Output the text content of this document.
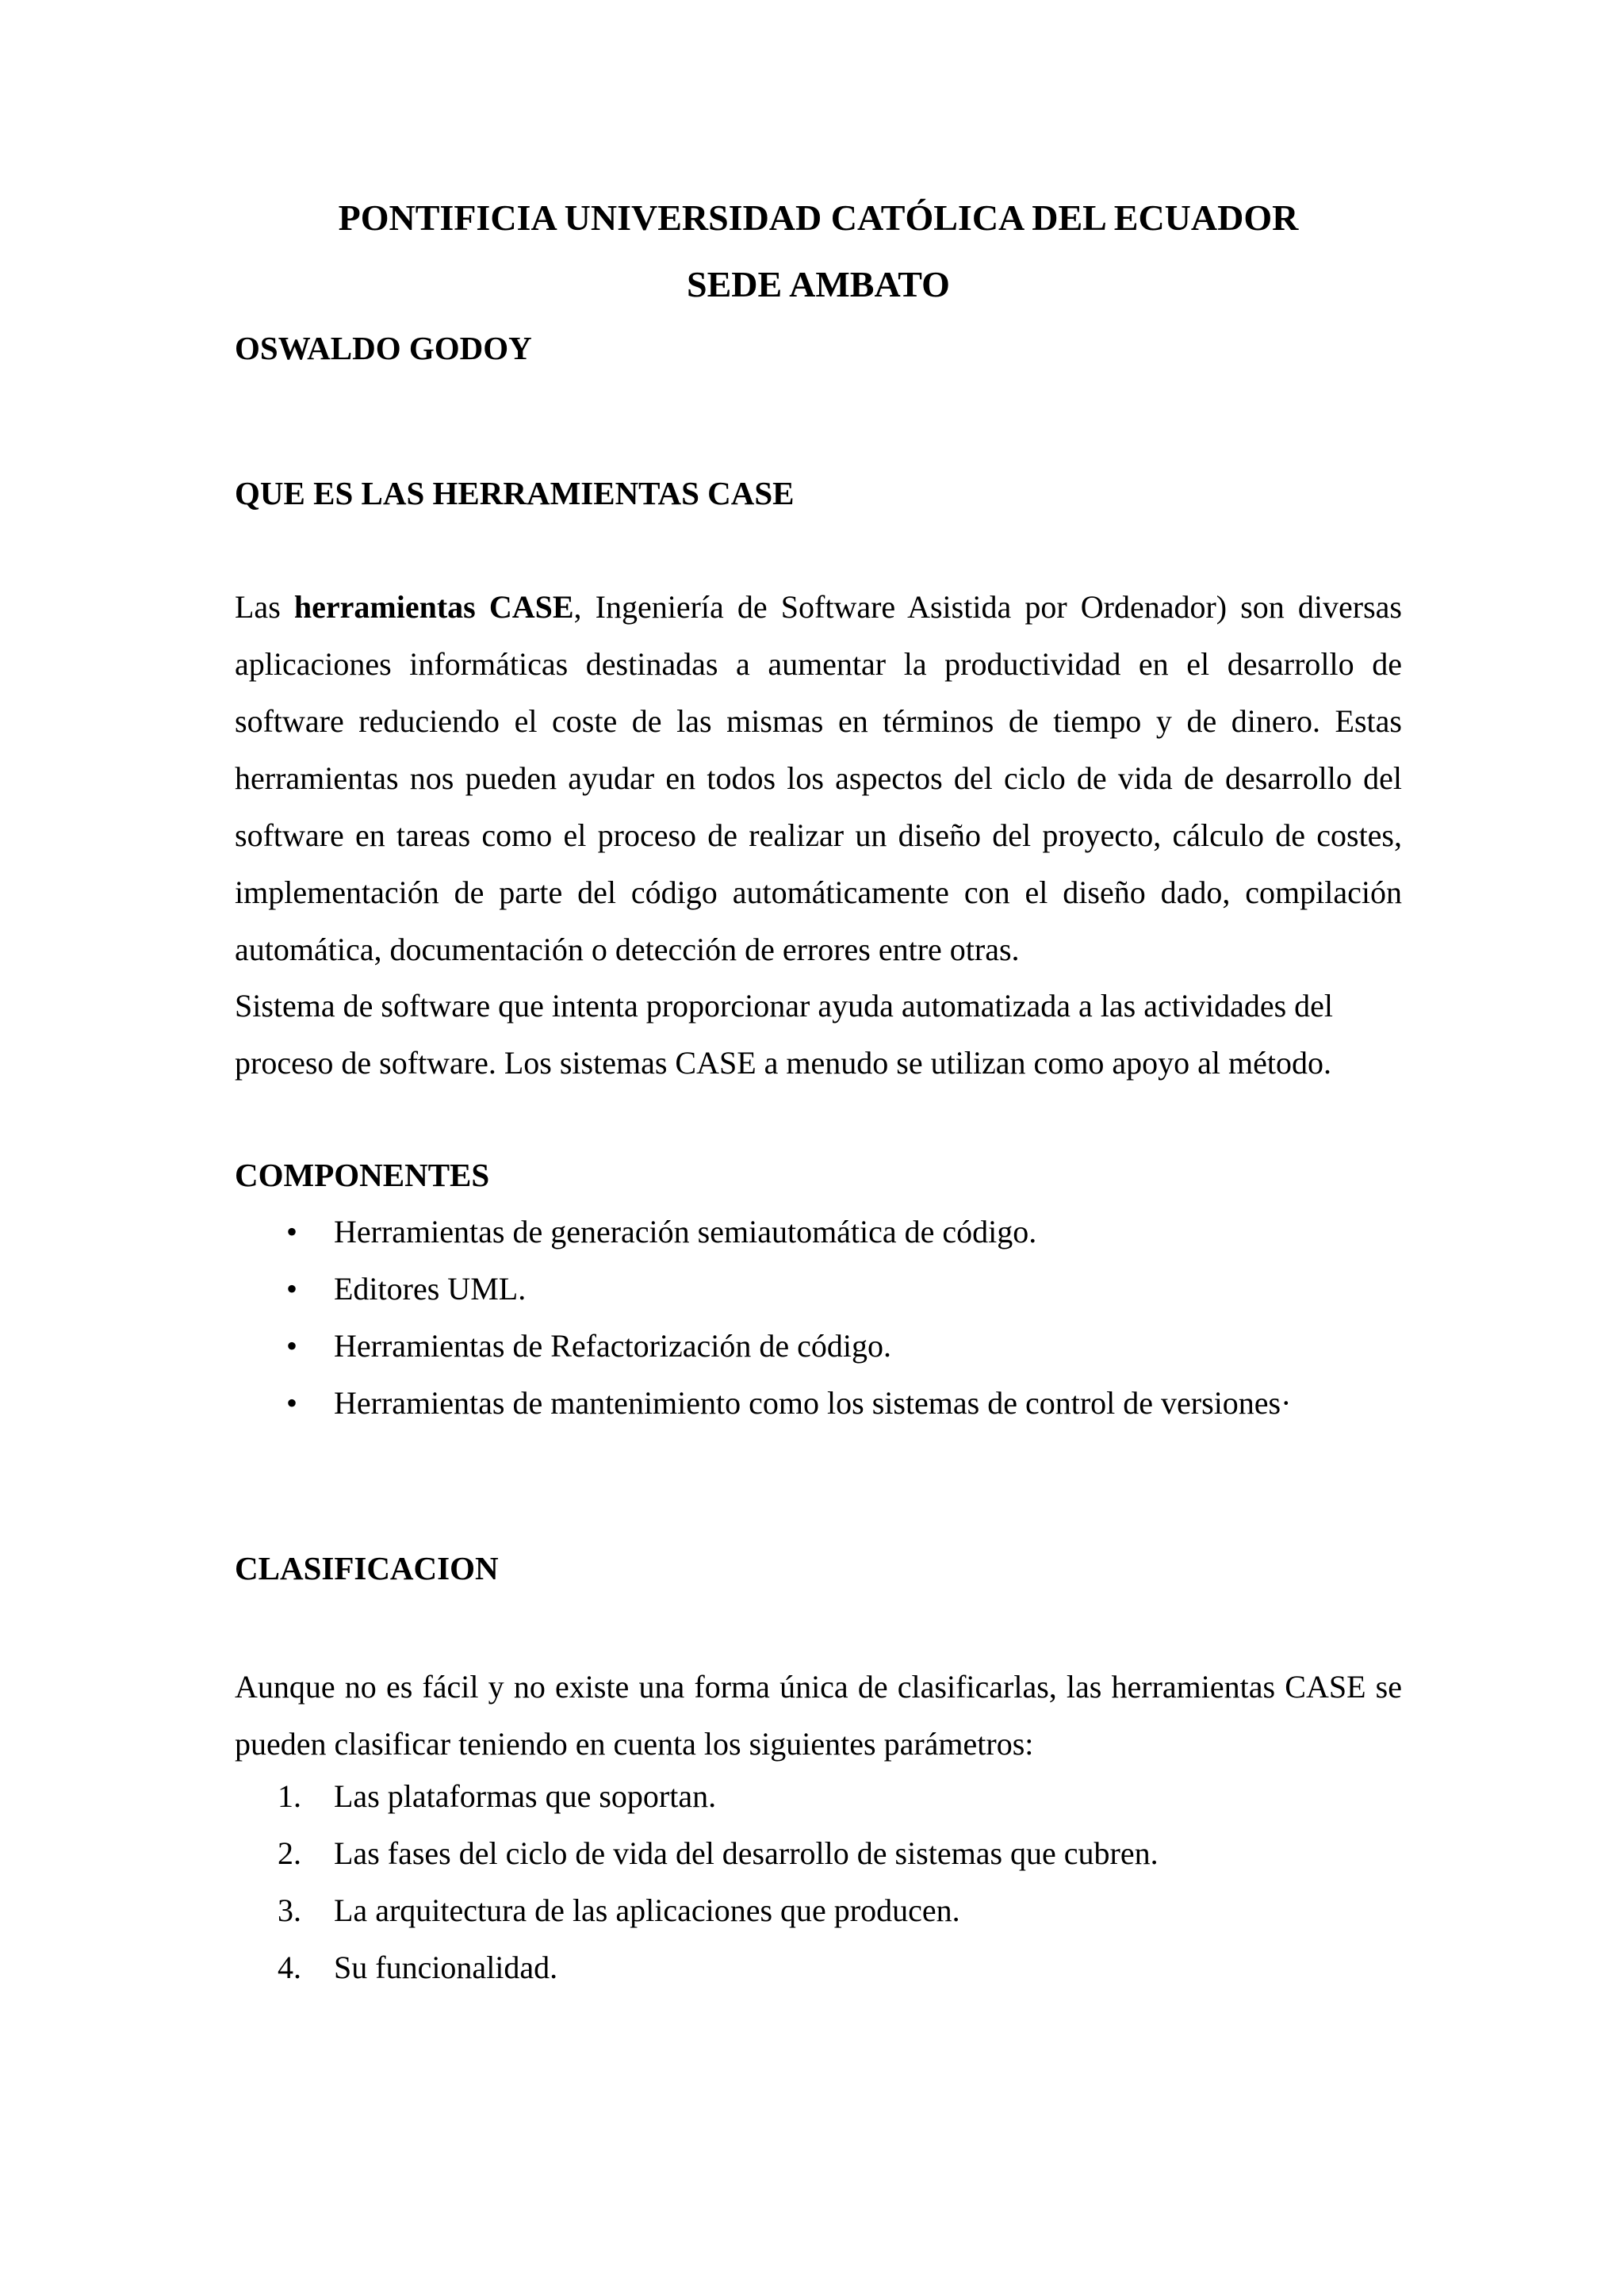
PONTIFICIA UNIVERSIDAD CATÓLICA DEL ECUADOR
SEDE AMBATO
OSWALDO GODOY
QUE ES LAS HERRAMIENTAS CASE

Las herramientas CASE, Ingeniería de Software Asistida por Ordenador) son diversas aplicaciones informáticas destinadas a aumentar la productividad en el desarrollo de software reduciendo el coste de las mismas en términos de tiempo y de dinero. Estas herramientas nos pueden ayudar en todos los aspectos del ciclo de vida de desarrollo del software en tareas como el proceso de realizar un diseño del proyecto, cálculo de costes, implementación de parte del código automáticamente con el diseño dado, compilación automática, documentación o detección de errores entre otras.

Sistema de software que intenta proporcionar ayuda automatizada a las actividades del proceso de software. Los sistemas CASE a menudo se utilizan como apoyo al método.

COMPONENTES
• Herramientas de generación semiautomática de código.
• Editores UML.
• Herramientas de Refactorización de código.
• Herramientas de mantenimiento como los sistemas de control de versiones·
CLASIFICACION

Aunque no es fácil y no existe una forma única de clasificarlas, las herramientas CASE se pueden clasificar teniendo en cuenta los siguientes parámetros:

1. Las plataformas que soportan.
2. Las fases del ciclo de vida del desarrollo de sistemas que cubren.
3. La arquitectura de las aplicaciones que producen.
4. Su funcionalidad.
